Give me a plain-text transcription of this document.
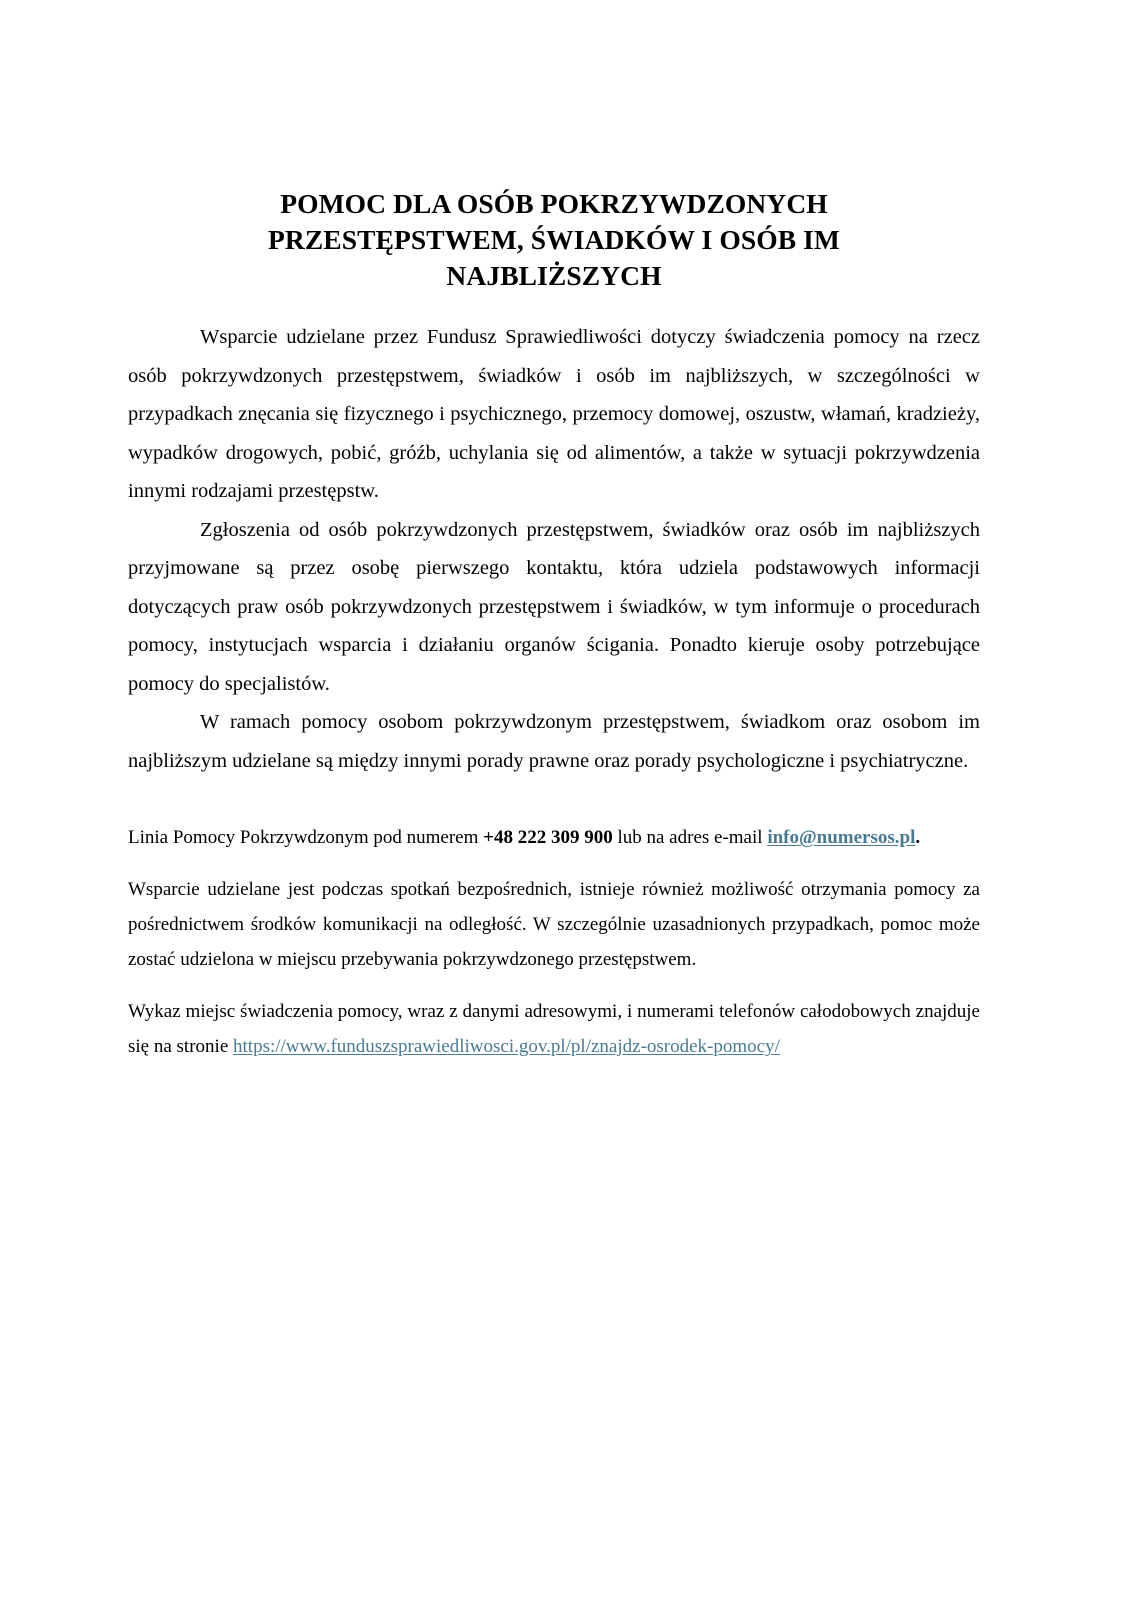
POMOC DLA OSÓB POKRZYWDZONYCH
PRZESTĘPSTWEM, ŚWIADKÓW I OSÓB IM
NAJBLIŻSZYCH

Wsparcie udzielane przez Fundusz Sprawiedliwości dotyczy świadczenia pomocy na rzecz osób pokrzywdzonych przestępstwem, świadków i osób im najbliższych, w szczególności w przypadkach znęcania się fizycznego i psychicznego, przemocy domowej, oszustw, włamań, kradzieży, wypadków drogowych, pobić, gróźb, uchylania się od alimentów, a także w sytuacji pokrzywdzenia innymi rodzajami przestępstw.

Zgłoszenia od osób pokrzywdzonych przestępstwem, świadków oraz osób im najbliższych przyjmowane są przez osobę pierwszego kontaktu, która udziela podstawowych informacji dotyczących praw osób pokrzywdzonych przestępstwem i świadków, w tym informuje o procedurach pomocy, instytucjach wsparcia i działaniu organów ścigania. Ponadto kieruje osoby potrzebujące pomocy do specjalistów.

W ramach pomocy osobom pokrzywdzonym przestępstwem, świadkom oraz osobom im najbliższym udzielane są między innymi porady prawne oraz porady psychologiczne i psychiatryczne.

Linia Pomocy Pokrzywdzonym pod numerem +48 222 309 900 lub na adres e-mail info@numersos.pl.

Wsparcie udzielane jest podczas spotkań bezpośrednich, istnieje również możliwość otrzymania pomocy za pośrednictwem środków komunikacji na odległość. W szczególnie uzasadnionych przypadkach, pomoc może zostać udzielona w miejscu przebywania pokrzywdzonego przestępstwem.

Wykaz miejsc świadczenia pomocy, wraz z danymi adresowymi, i numerami telefonów całodobowych znajduje się na stronie https://www.funduszsprawiedliwosci.gov.pl/pl/znajdz-osrodek-pomocy/
